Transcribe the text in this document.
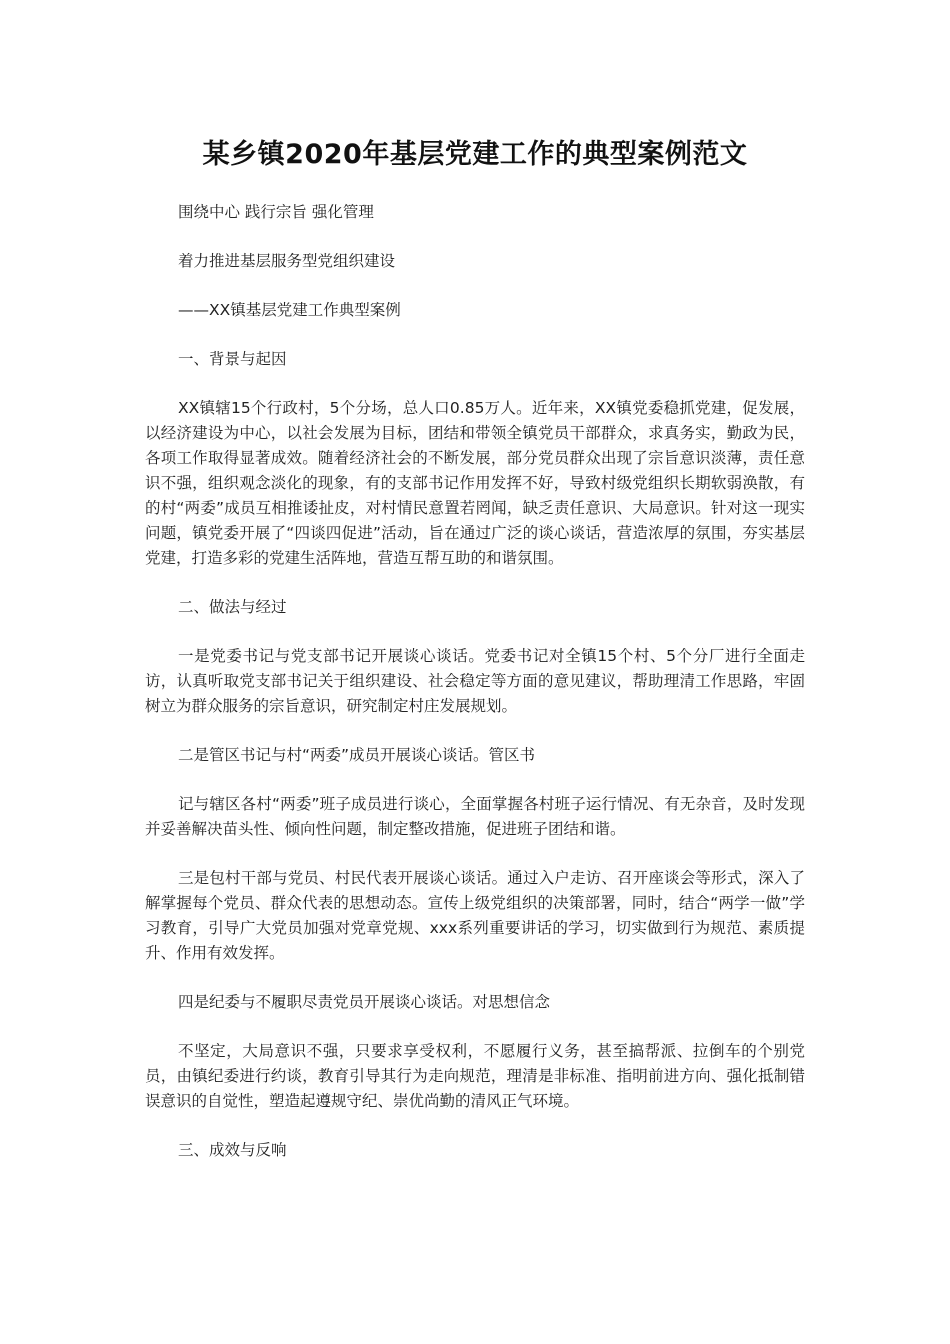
某乡镇2020年基层党建工作的典型案例范文

围绕中心 践行宗旨 强化管理

着力推进基层服务型党组织建设

——XX镇基层党建工作典型案例

一、背景与起因

XX镇辖15个行政村，5个分场，总人口0.85万人。近年来，XX镇党委稳抓党建，促发展，以经济建设为中心，以社会发展为目标，团结和带领全镇党员干部群众，求真务实，勤政为民，各项工作取得显著成效。随着经济社会的不断发展，部分党员群众出现了宗旨意识淡薄，责任意识不强，组织观念淡化的现象，有的支部书记作用发挥不好，导致村级党组织长期软弱涣散，有的村“两委”成员互相推诿扯皮，对村情民意置若罔闻，缺乏责任意识、大局意识。针对这一现实问题，镇党委开展了“四谈四促进”活动，旨在通过广泛的谈心谈话，营造浓厚的氛围，夯实基层党建，打造多彩的党建生活阵地，营造互帮互助的和谐氛围。

二、做法与经过

一是党委书记与党支部书记开展谈心谈话。党委书记对全镇15个村、5个分厂进行全面走访，认真听取党支部书记关于组织建设、社会稳定等方面的意见建议，帮助理清工作思路，牢固树立为群众服务的宗旨意识，研究制定村庄发展规划。

二是管区书记与村“两委”成员开展谈心谈话。管区书

记与辖区各村“两委”班子成员进行谈心，全面掌握各村班子运行情况、有无杂音，及时发现并妥善解决苗头性、倾向性问题，制定整改措施，促进班子团结和谐。

三是包村干部与党员、村民代表开展谈心谈话。通过入户走访、召开座谈会等形式，深入了解掌握每个党员、群众代表的思想动态。宣传上级党组织的决策部署，同时，结合“两学一做”学习教育，引导广大党员加强对党章党规、xxx系列重要讲话的学习，切实做到行为规范、素质提升、作用有效发挥。

四是纪委与不履职尽责党员开展谈心谈话。对思想信念

不坚定，大局意识不强，只要求享受权利，不愿履行义务，甚至搞帮派、拉倒车的个别党员，由镇纪委进行约谈，教育引导其行为走向规范，理清是非标准、指明前进方向、强化抵制错误意识的自觉性，塑造起遵规守纪、崇优尚勤的清风正气环境。

三、成效与反响
